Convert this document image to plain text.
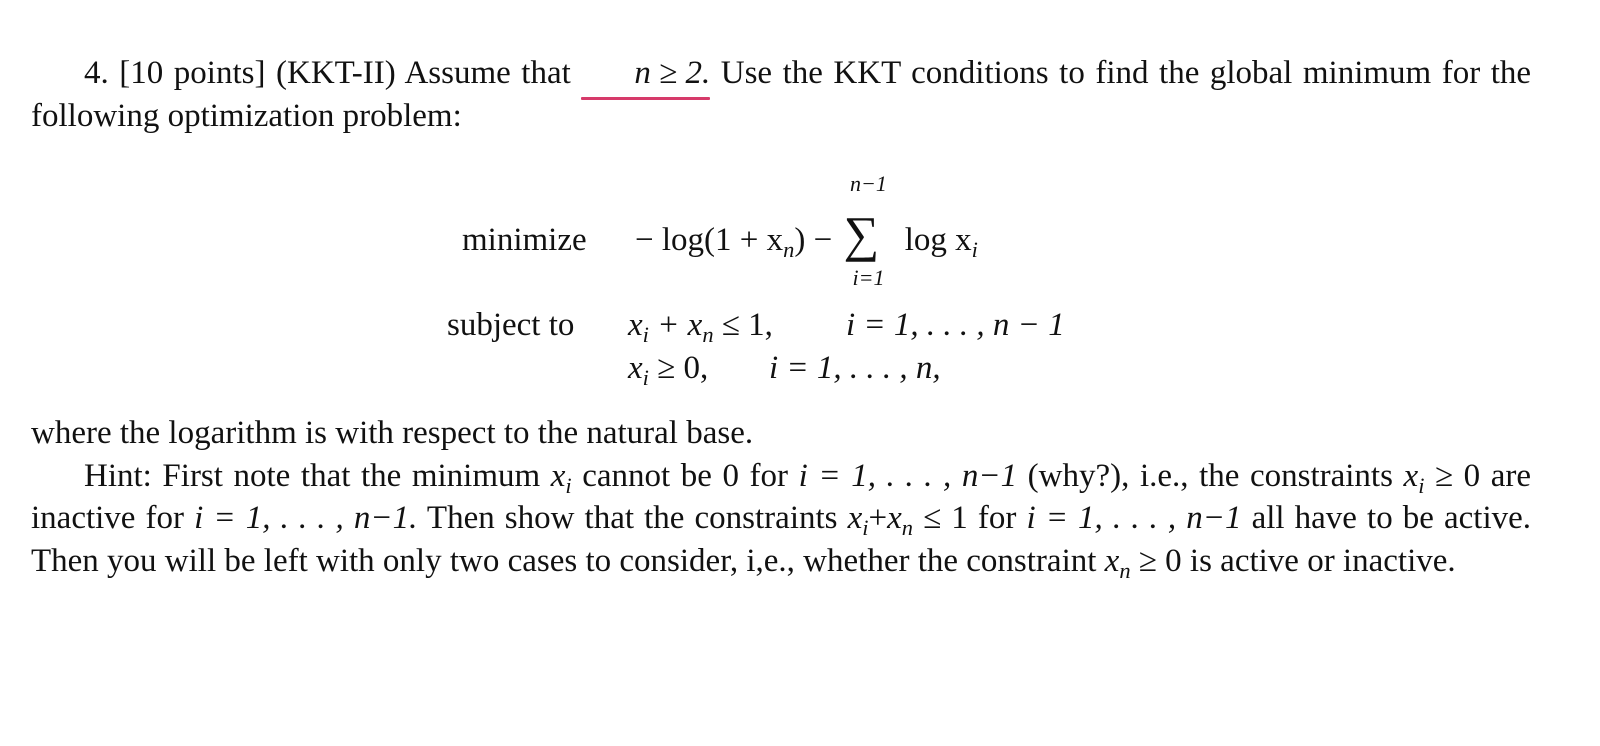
4. [10 points] (KKT-II) Assume that n ≥ 2. Use the KKT conditions to find the global minimum for the following optimization problem:

minimize − $\log(1 + x_n)$ −
n−1
∑
i=1
$\log x_i$
subject to $x_i + x_n \le 1$, i = 1, . . . , n − 1
$x_i \ge 0$, i = 1, . . . , n,

where the logarithm is with respect to the natural base.

Hint: First note that the minimum $x_i$ cannot be 0 for i = 1, . . . , n−1 (why?), i.e., the constraints $x_i \ge 0$ are inactive for i = 1, . . . , n−1. Then show that the constraints $x_i+x_n \le 1$ for i = 1, . . . , n−1 all have to be active. Then you will be left with only two cases to consider, i,e., whether the constraint $x_n \ge 0$ is active or inactive.
